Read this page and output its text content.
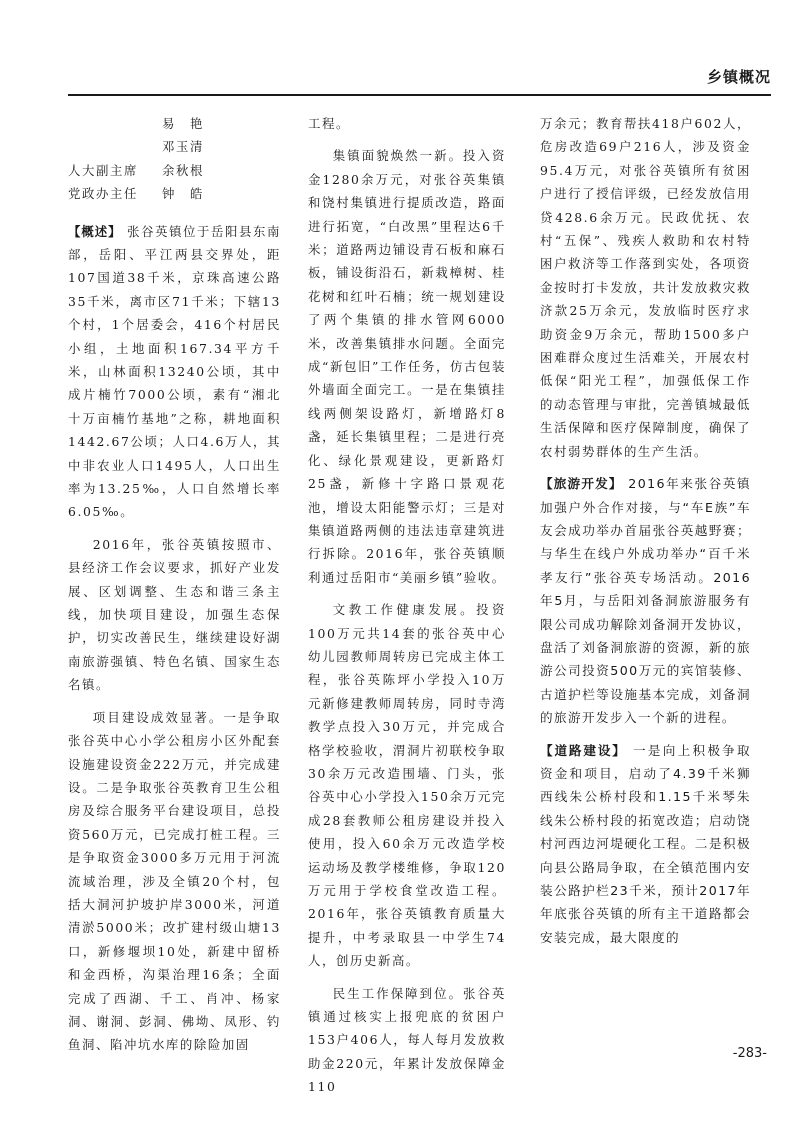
乡镇概况
易　艳
邓玉清
人大副主席	余秋根
党政办主任	钟　皓

【概述】 张谷英镇位于岳阳县东南部，岳阳、平江两县交界处，距107国道38千米，京珠高速公路35千米，离市区71千米；下辖13个村，1个居委会，416个村居民小组，土地面积167.34平方千米，山林面积13240公顷，其中成片楠竹7000公顷，素有“湘北十万亩楠竹基地”之称，耕地面积1442.67公顷；人口4.6万人，其中非农业人口1495人，人口出生率为13.25‰，人口自然增长率6.05‰。

2016年，张谷英镇按照市、县经济工作会议要求，抓好产业发展、区划调整、生态和谐三条主线，加快项目建设，加强生态保护，切实改善民生，继续建设好湖南旅游强镇、特色名镇、国家生态名镇。

项目建设成效显著。一是争取张谷英中心小学公租房小区外配套设施建设资金222万元，并完成建设。二是争取张谷英教育卫生公租房及综合服务平台建设项目，总投资560万元，已完成打桩工程。三是争取资金3000多万元用于河流流域治理，涉及全镇20个村，包括大洞河护坡护岸3000米，河道清淤5000米；改扩建村级山塘13口，新修堰坝10处，新建中留桥和金西桥，沟渠治理16条；全面完成了西湖、千工、肖冲、杨家洞、谢洞、彭洞、佛坳、凤形、钓鱼洞、陷冲坑水库的除险加固

工程。

集镇面貌焕然一新。投入资金1280余万元，对张谷英集镇和饶村集镇进行提质改造，路面进行拓宽，“白改黑”里程达6千米；道路两边铺设青石板和麻石板，铺设街沿石，新栽樟树、桂花树和红叶石楠；统一规划建设了两个集镇的排水管网6000米，改善集镇排水问题。全面完成“新包旧”工作任务，仿古包装外墙面全面完工。一是在集镇挂线两侧架设路灯，新增路灯8盏，延长集镇里程；二是进行亮化、绿化景观建设，更新路灯25盏，新修十字路口景观花池，增设太阳能警示灯；三是对集镇道路两侧的违法违章建筑进行拆除。2016年，张谷英镇顺利通过岳阳市“美丽乡镇”验收。

文教工作健康发展。投资100万元共14套的张谷英中心幼儿园教师周转房已完成主体工程，张谷英陈坪小学投入10万元新修建教师周转房，同时寺湾教学点投入30万元，并完成合格学校验收，渭洞片初联校争取30余万元改造围墙、门头，张谷英中心小学投入150余万元完成28套教师公租房建设并投入使用，投入60余万元改造学校运动场及教学楼维修，争取120万元用于学校食堂改造工程。2016年，张谷英镇教育质量大提升，中考录取县一中学生74人，创历史新高。

民生工作保障到位。张谷英镇通过核实上报兜底的贫困户153户406人，每人每月发放救助金220元，年累计发放保障金110

万余元；教育帮扶418户602人，危房改造69户216人，涉及资金95.4万元，对张谷英镇所有贫困户进行了授信评级，已经发放信用贷428.6余万元。民政优抚、农村“五保”、残疾人救助和农村特困户救济等工作落到实处，各项资金按时打卡发放，共计发放救灾救济款25万余元，发放临时医疗求助资金9万余元，帮助1500多户困难群众度过生活难关，开展农村低保“阳光工程”，加强低保工作的动态管理与审批，完善镇城最低生活保障和医疗保障制度，确保了农村弱势群体的生产生活。

【旅游开发】 2016年来张谷英镇加强户外合作对接，与“车E族”车友会成功举办首届张谷英越野赛；与华生在线户外成功举办“百千米孝友行”张谷英专场活动。2016年5月，与岳阳刘备洞旅游服务有限公司成功解除刘备洞开发协议，盘活了刘备洞旅游的资源，新的旅游公司投资500万元的宾馆装修、古道护栏等设施基本完成，刘备洞的旅游开发步入一个新的进程。

【道路建设】 一是向上积极争取资金和项目，启动了4.39千米狮西线朱公桥村段和1.15千米琴朱线朱公桥村段的拓宽改造；启动饶村河西边河堤硬化工程。二是积极向县公路局争取，在全镇范围内安装公路护栏23千米，预计2017年年底张谷英镇的所有主干道路都会安装完成，最大限度的

-283-
